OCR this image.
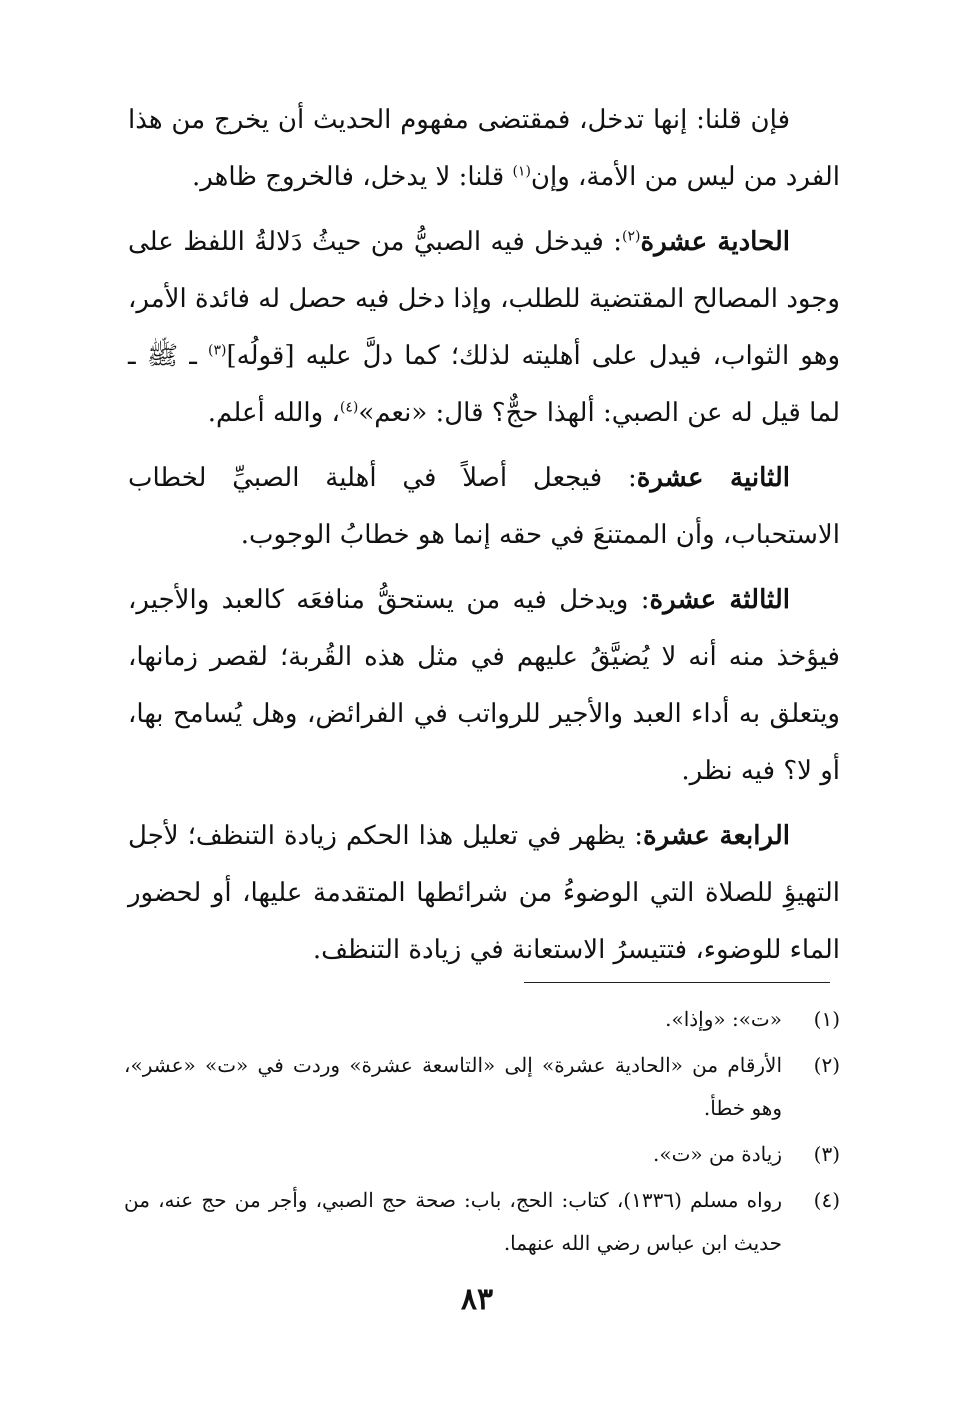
فإن قلنا: إنها تدخل، فمقتضى مفهوم الحديث أن يخرج من هذا الفرد من ليس من الأمة، وإن$^{(١)}$ قلنا: لا يدخل، فالخروج ظاهر.

الحادية عشرة$^{(٢)}$: فيدخل فيه الصبيُّ من حيثُ دَلالةُ اللفظ على وجود المصالح المقتضية للطلب، وإذا دخل فيه حصل له فائدة الأمر، وهو الثواب، فيدل على أهليته لذلك؛ كما دلَّ عليه [قولُه]$^{(٣)}$ ـ ﷺ ـ لما قيل له عن الصبي: ألهذا حجٌّ؟ قال: «نعم»$^{(٤)}$، والله أعلم.

الثانية عشرة: فيجعل أصلاً في أهلية الصبيِّ لخطاب الاستحباب، وأن الممتنعَ في حقه إنما هو خطابُ الوجوب.

الثالثة عشرة: ويدخل فيه من يستحقُّ منافعَه كالعبد والأجير، فيؤخذ منه أنه لا يُضيَّقُ عليهم في مثل هذه القُربة؛ لقصر زمانها، ويتعلق به أداء العبد والأجير للرواتب في الفرائض، وهل يُسامح بها، أو لا؟ فيه نظر.

الرابعة عشرة: يظهر في تعليل هذا الحكم زيادة التنظف؛ لأجل التهيؤِ للصلاة التي الوضوءُ من شرائطها المتقدمة عليها، أو لحضور الماء للوضوء، فتتيسرُ الاستعانة في زيادة التنظف.

(١)
«ت»: «وإذا».
(٢)
الأرقام من «الحادية عشرة» إلى «التاسعة عشرة» وردت في «ت» «عشر»، وهو خطأ.
(٣)
زيادة من «ت».
(٤)
رواه مسلم (١٣٣٦)، كتاب: الحج، باب: صحة حج الصبي، وأجر من حج عنه، من حديث ابن عباس رضي الله عنهما.
٨٣
